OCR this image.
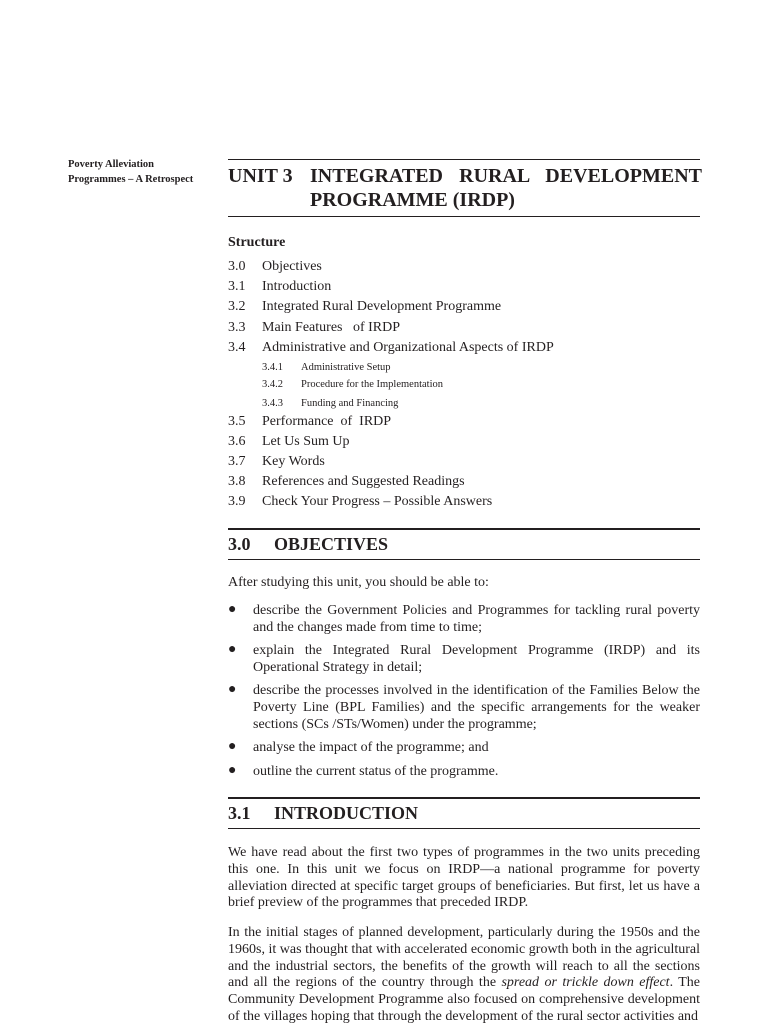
Poverty Alleviation
Programmes – A Retrospect	UNIT 3 INTEGRATED RURAL DEVELOPMENT
PROGRAMME (IRDP)
Structure
3.0 Objectives
3.1 Introduction
3.2 Integrated Rural Development Programme
3.3 Main Features   of IRDP
3.4 Administrative and Organizational Aspects of IRDP
3.4.1 Administrative Setup
3.4.2 Procedure for the Implementation
3.4.3 Funding and Financing
3.5 Performance  of  IRDP
3.6 Let Us Sum Up
3.7 Key Words
3.8 References and Suggested Readings
3.9 Check Your Progress – Possible Answers
3.0 OBJECTIVES
After studying this unit, you should be able to:
● describe the Government Policies and Programmes for tackling rural poverty and the changes made from time to time;
● explain the Integrated Rural Development Programme (IRDP) and its Operational Strategy in detail;
● describe the processes involved in the identification of the Families Below the Poverty Line (BPL Families) and the specific arrangements for the weaker sections (SCs /STs/Women) under the programme;
● analyse the impact of the programme; and
● outline the current status of the programme.
3.1 INTRODUCTION
We have read about the first two types of programmes in the two units preceding this one. In this unit we focus on IRDP—a national programme for poverty alleviation directed at specific target groups of beneficiaries. But first, let us have a brief preview of the programmes that preceded IRDP.
In the initial stages of planned development, particularly during the 1950s and the 1960s, it was thought that with accelerated economic growth both in the agricultural and the industrial sectors, the benefits of the growth will reach to all the sections and all the regions of the country through the spread or trickle down effect. The Community Development Programme also focused on comprehensive development of the villages hoping that through the development of the rural sector activities and
